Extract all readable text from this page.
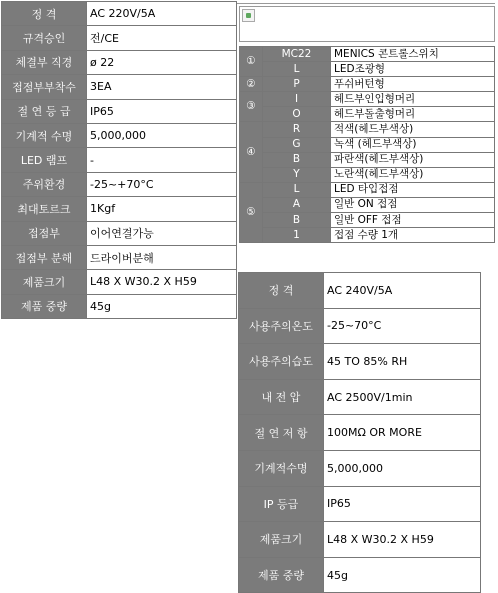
정 격	AC 220V/5A
규격승인	전/CE
체결부 직경	ø 22
접점부부착수	3EA
절 연 등 급	IP65
기계적 수명	5,000,000
LED 램프	-
주위환경	-25~+70°C
최대토르크	1Kgf
접점부	이어연결가능
접점부 분해	드라이버분해
제품크기	L48 X W30.2 X H59
제품 중량	45g
①	MC22	MENICS 콘트롤스위치
	L	LED조광형
②	P	푸쉬버턴형
③	I	헤드부인입형머리
	O	헤드부돌출형머리
④	R	적색(헤드부색상)
	G	녹색 (헤드부색상)
	B	파란색(헤드부색상)
	Y	노란색(헤드부색상)
⑤	L	LED 타입접점
	A	일반 ON 접점
	B	일반 OFF 접점
	1	접점 수량 1개
정 격	AC 240V/5A
사용주의온도	-25~70°C
사용주의습도	45 TO 85% RH
내 전 압	AC 2500V/1min
절 연 저 항	100MΩ OR MORE
기계적수명	5,000,000
IP 등급	IP65
제품크기	L48 X W30.2 X H59
제품 중량	45g
